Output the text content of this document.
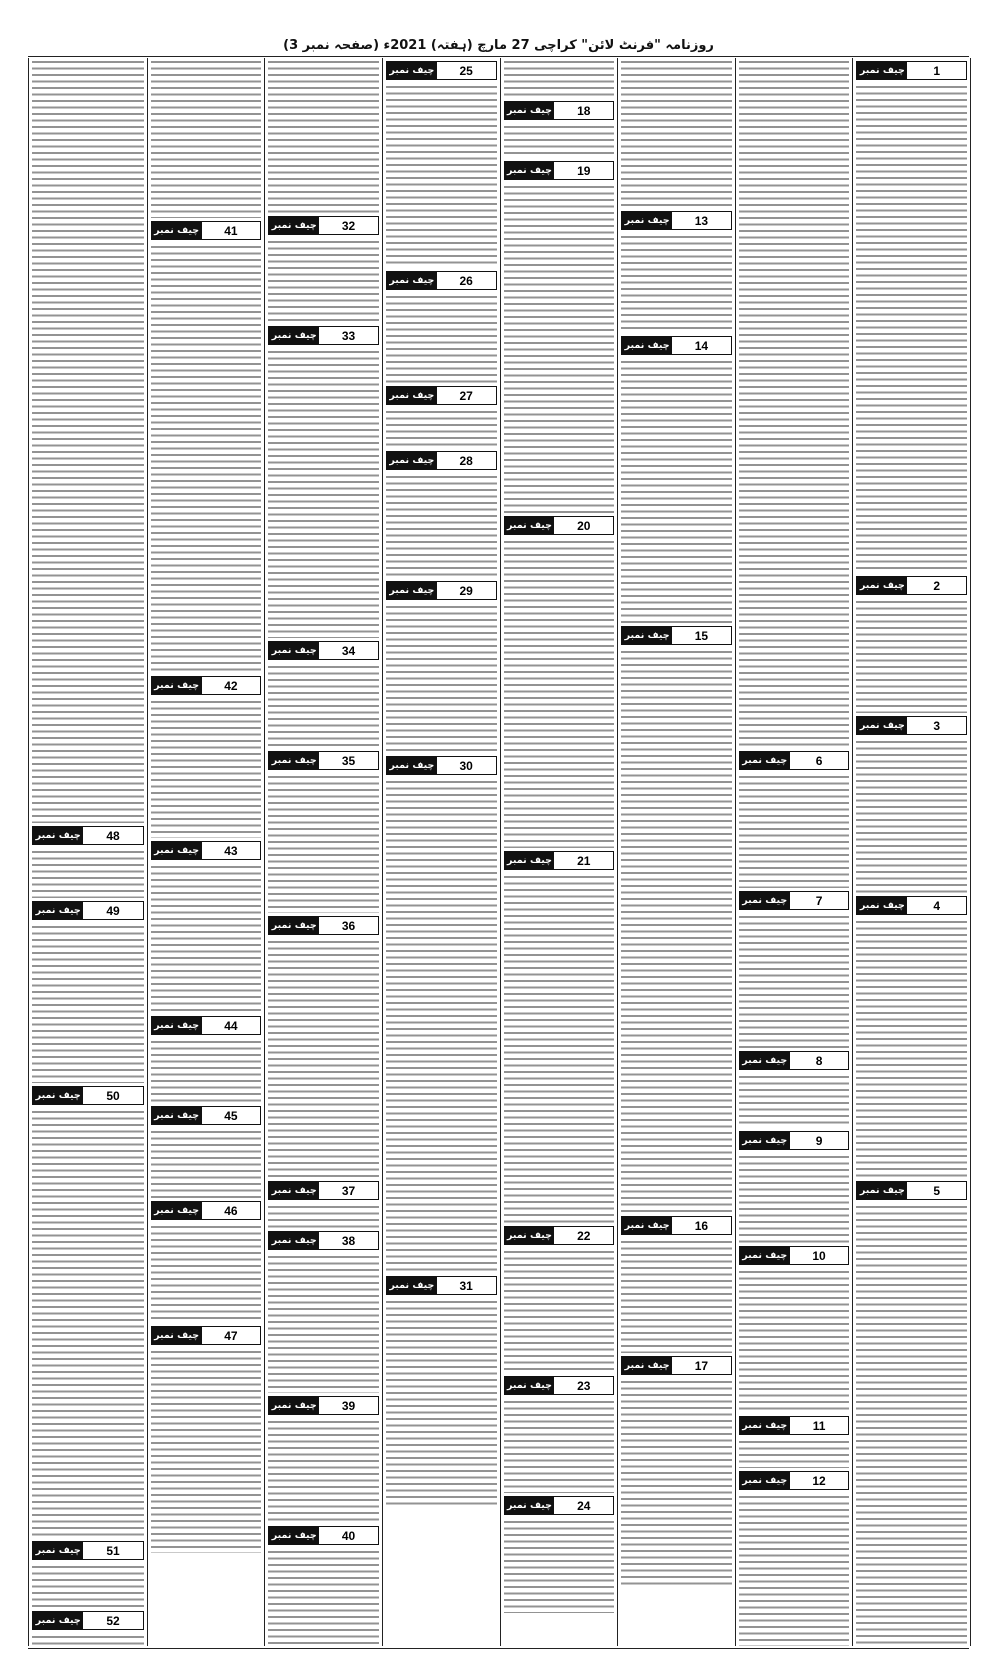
روزنامہ "فرنٹ لائن" کراچی 27 مارچ (ہفتہ) 2021ء (صفحہ نمبر 3)
چیف نمبر	1
چیف نمبر	2
چیف نمبر	3
چیف نمبر	4
چیف نمبر	5
چیف نمبر	6
چیف نمبر	7
چیف نمبر	8
چیف نمبر	9
چیف نمبر	10
چیف نمبر	11
چیف نمبر	12
چیف نمبر	13
چیف نمبر	14
چیف نمبر	15
چیف نمبر	16
چیف نمبر	17
چیف نمبر	18
چیف نمبر	19
چیف نمبر	20
چیف نمبر	21
چیف نمبر	22
چیف نمبر	23
چیف نمبر	24
چیف نمبر	25
چیف نمبر	26
چیف نمبر	27
چیف نمبر	28
چیف نمبر	29
چیف نمبر	30
چیف نمبر	31
چیف نمبر	32
چیف نمبر	33
چیف نمبر	34
چیف نمبر	35
چیف نمبر	36
چیف نمبر	37
چیف نمبر	38
چیف نمبر	39
چیف نمبر	40
چیف نمبر	41
چیف نمبر	42
چیف نمبر	43
چیف نمبر	44
چیف نمبر	45
چیف نمبر	46
چیف نمبر	47
چیف نمبر	48
چیف نمبر	49
چیف نمبر	50
چیف نمبر	51
چیف نمبر	52
